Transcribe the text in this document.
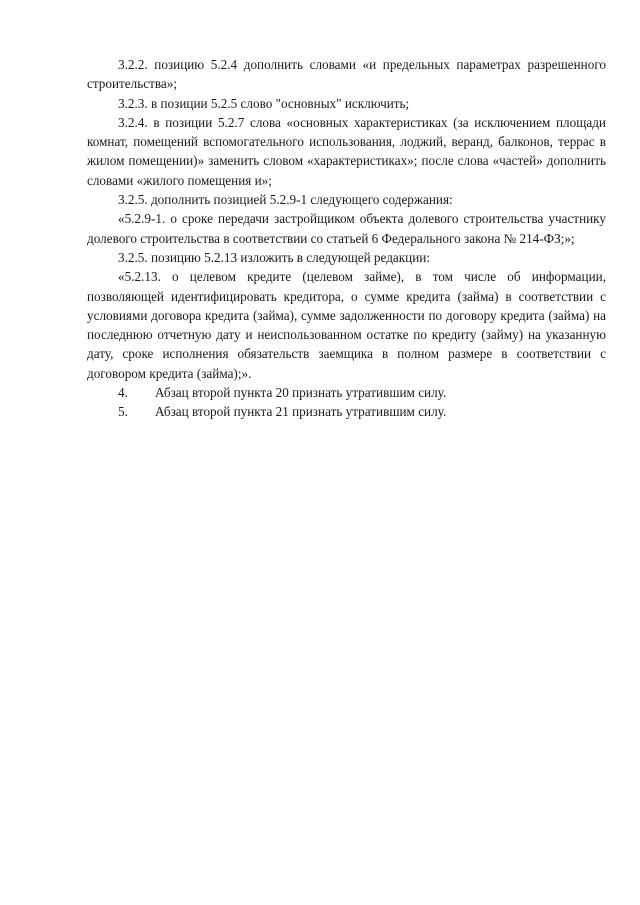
3.2.2. позицию 5.2.4 дополнить словами «и предельных параметрах разрешенного строительства»;

3.2.3. в позиции 5.2.5 слово "основных" исключить;

3.2.4. в позиции 5.2.7 слова «основных характеристиках (за исключением площади комнат, помещений вспомогательного использования, лоджий, веранд, балконов, террас в жилом помещении)» заменить словом «характеристиках»; после слова «частей» дополнить словами «жилого помещения и»;

3.2.5. дополнить позицией 5.2.9-1 следующего содержания:

«5.2.9-1. о сроке передачи застройщиком объекта долевого строительства участнику долевого строительства в соответствии со статьей 6 Федерального закона № 214-ФЗ;»;

3.2.5. позицию 5.2.13 изложить в следующей редакции:

«5.2.13. о целевом кредите (целевом займе), в том числе об информации, позволяющей идентифицировать кредитора, о сумме кредита (займа) в соответствии с условиями договора кредита (займа), сумме задолженности по договору кредита (займа) на последнюю отчетную дату и неиспользованном остатке по кредиту (займу) на указанную дату, сроке исполнения обязательств заемщика в полном размере в соответствии с договором кредита (займа);».

4. Абзац второй пункта 20 признать утратившим силу.

5. Абзац второй пункта 21 признать утратившим силу.
